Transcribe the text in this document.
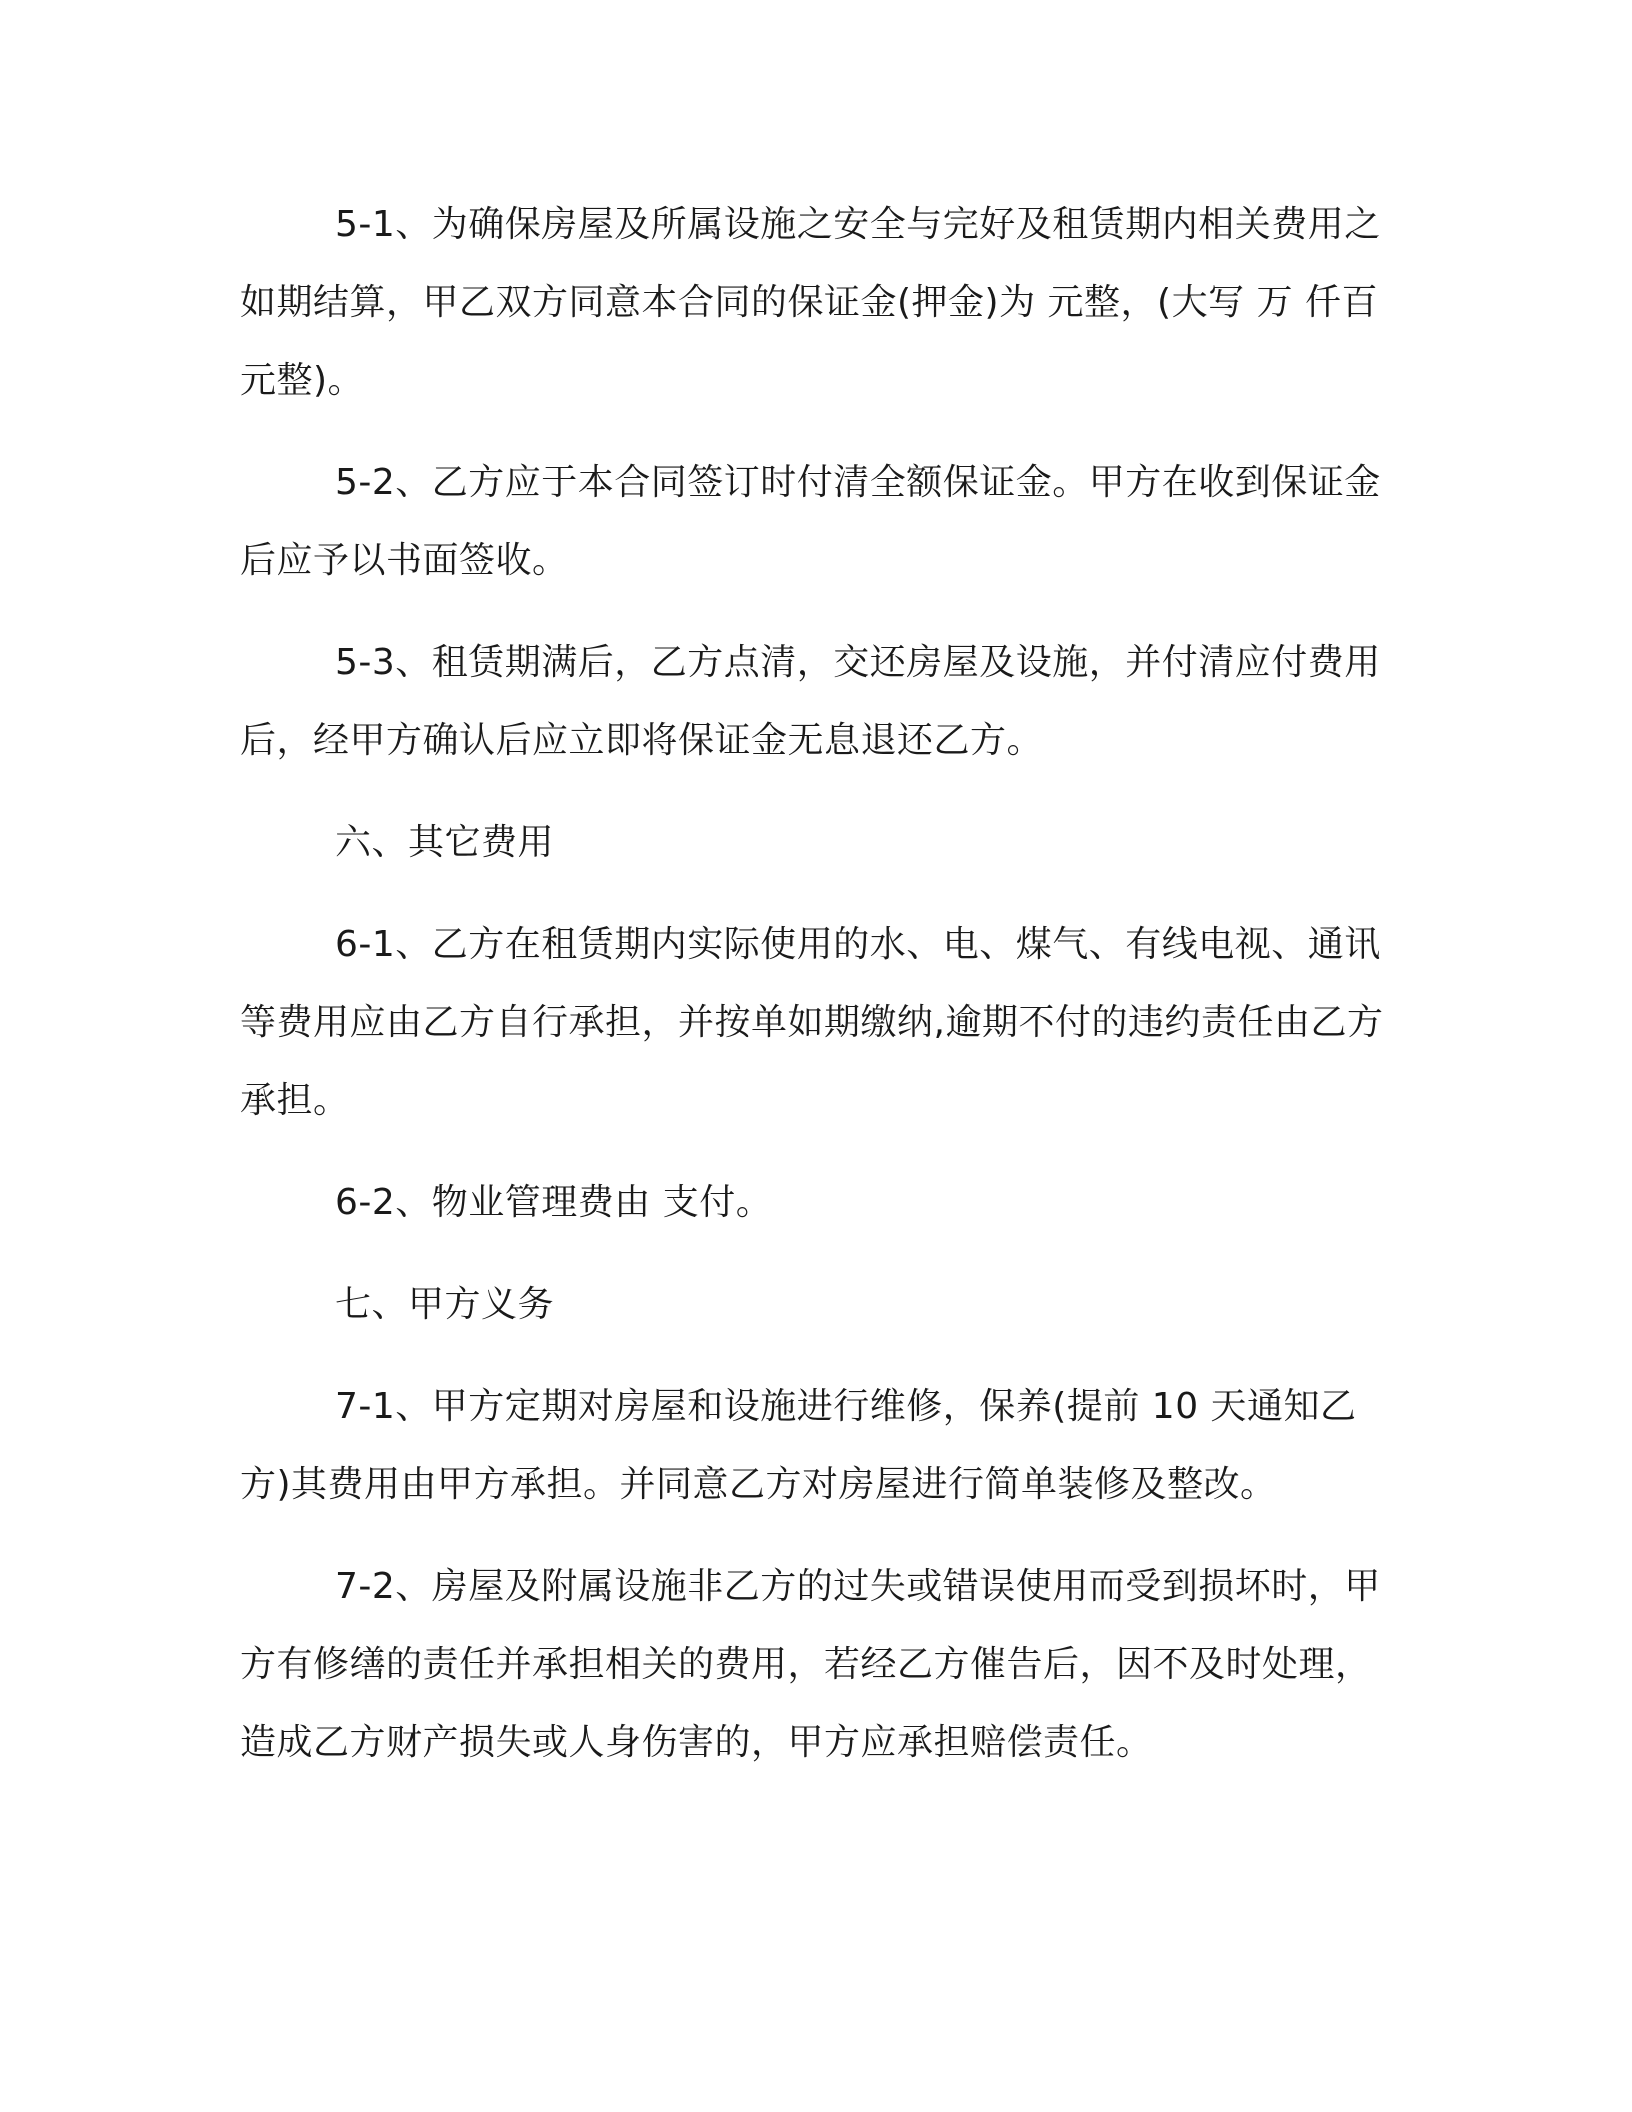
5-1、为确保房屋及所属设施之安全与完好及租赁期内相关费用之如期结算，甲乙双方同意本合同的保证金(押金)为 元整，(大写 万 仟百 元整)。

5-2、乙方应于本合同签订时付清全额保证金。甲方在收到保证金后应予以书面签收。

5-3、租赁期满后，乙方点清，交还房屋及设施，并付清应付费用后，经甲方确认后应立即将保证金无息退还乙方。

六、其它费用

6-1、乙方在租赁期内实际使用的水、电、煤气、有线电视、通讯等费用应由乙方自行承担，并按单如期缴纳,逾期不付的违约责任由乙方承担。

6-2、物业管理费由 支付。

七、甲方义务

7-1、甲方定期对房屋和设施进行维修，保养(提前 10 天通知乙方)其费用由甲方承担。并同意乙方对房屋进行简单装修及整改。

7-2、房屋及附属设施非乙方的过失或错误使用而受到损坏时，甲方有修缮的责任并承担相关的费用，若经乙方催告后，因不及时处理，造成乙方财产损失或人身伤害的，甲方应承担赔偿责任。
